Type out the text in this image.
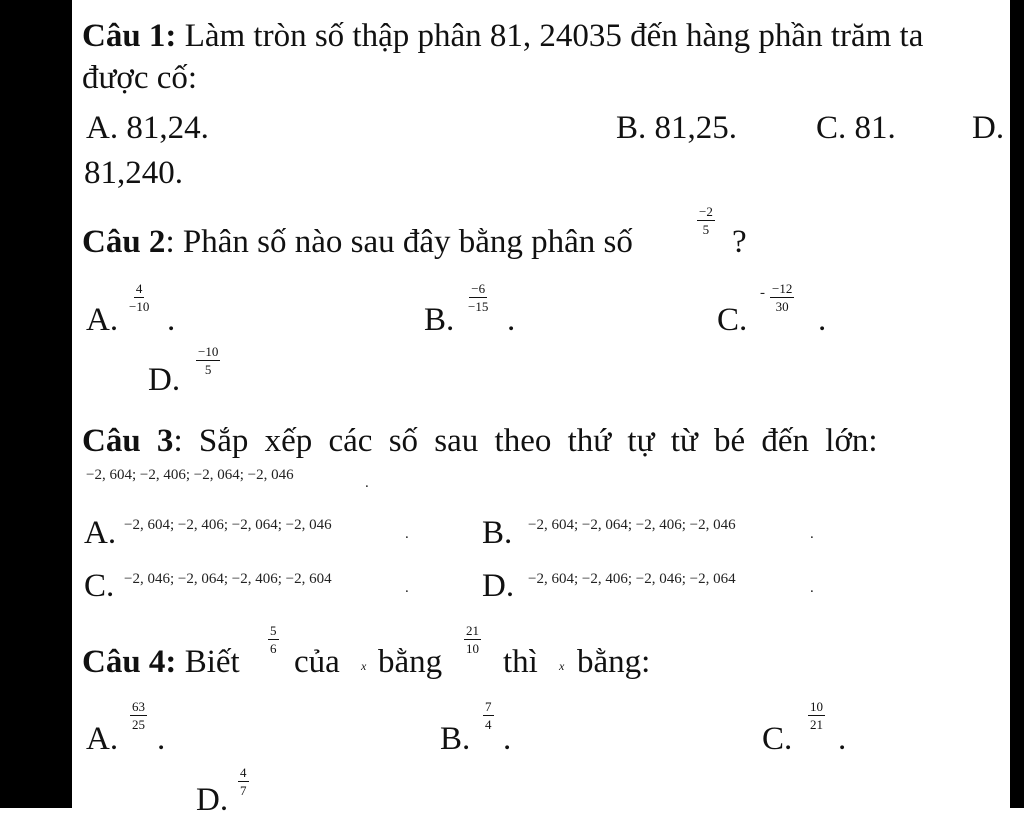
Câu 1: Làm tròn số thập phân 81, 24035 đến hàng phần trăm ta
được cố:
A. 81,24.	B. 81,25. C. 81. D.
81,240.
Câu 2: Phân số nào sau đây bằng phân số
$\frac{-2}{5}$
?
A.
$\frac{4}{-10}$
.	B.
$\frac{-6}{-15}$
.	C.
- $\frac{-12}{30}$
.
D.
$\frac{-10}{5}$
Câu 3: Sắp xếp các số sau theo thứ tự từ bé đến lớn:
−2, 604; −2, 406; −2, 064; −2, 046	.
A. −2, 604; −2, 406; −2, 064; −2, 046
. B. −2, 604; −2, 064; −2, 406; −2, 046
.
C. −2, 046; −2, 064; −2, 406; −2, 604
. D. −2, 604; −2, 406; −2, 046; −2, 064
.
Câu 4: Biết
$\frac{5}{6}$
của x bằng
$\frac{21}{10}$
thì x bằng:
A.
$\frac{63}{25}$
.	B.
$\frac{7}{4}$
.	C.
$\frac{10}{21}$
.
D.
$\frac{4}{7}$
